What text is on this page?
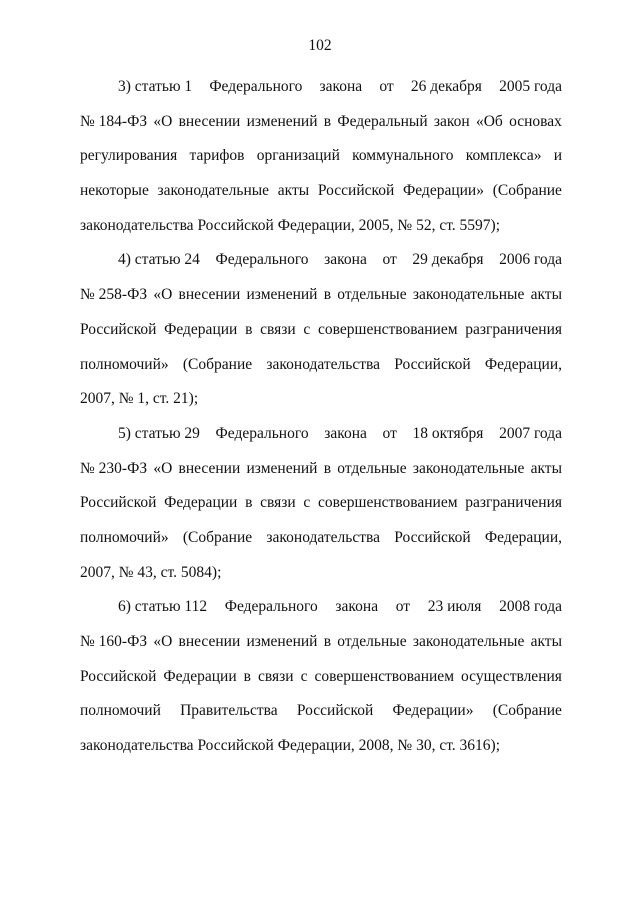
102
3) статью 1 Федерального закона от 26 декабря 2005 года
№ 184-ФЗ «О внесении изменений в Федеральный закон «Об основах
регулирования тарифов организаций коммунального комплекса» и
некоторые законодательные акты Российской Федерации» (Собрание
законодательства Российской Федерации, 2005, № 52, ст. 5597);
4) статью 24 Федерального закона от 29 декабря 2006 года
№ 258-ФЗ «О внесении изменений в отдельные законодательные акты
Российской Федерации в связи с совершенствованием разграничения
полномочий» (Собрание законодательства Российской Федерации,
2007, № 1, ст. 21);
5) статью 29 Федерального закона от 18 октября 2007 года
№ 230-ФЗ «О внесении изменений в отдельные законодательные акты
Российской Федерации в связи с совершенствованием разграничения
полномочий» (Собрание законодательства Российской Федерации,
2007, № 43, ст. 5084);
6) статью 112 Федерального закона от 23 июля 2008 года
№ 160-ФЗ «О внесении изменений в отдельные законодательные акты
Российской Федерации в связи с совершенствованием осуществления
полномочий Правительства Российской Федерации» (Собрание
законодательства Российской Федерации, 2008, № 30, ст. 3616);
